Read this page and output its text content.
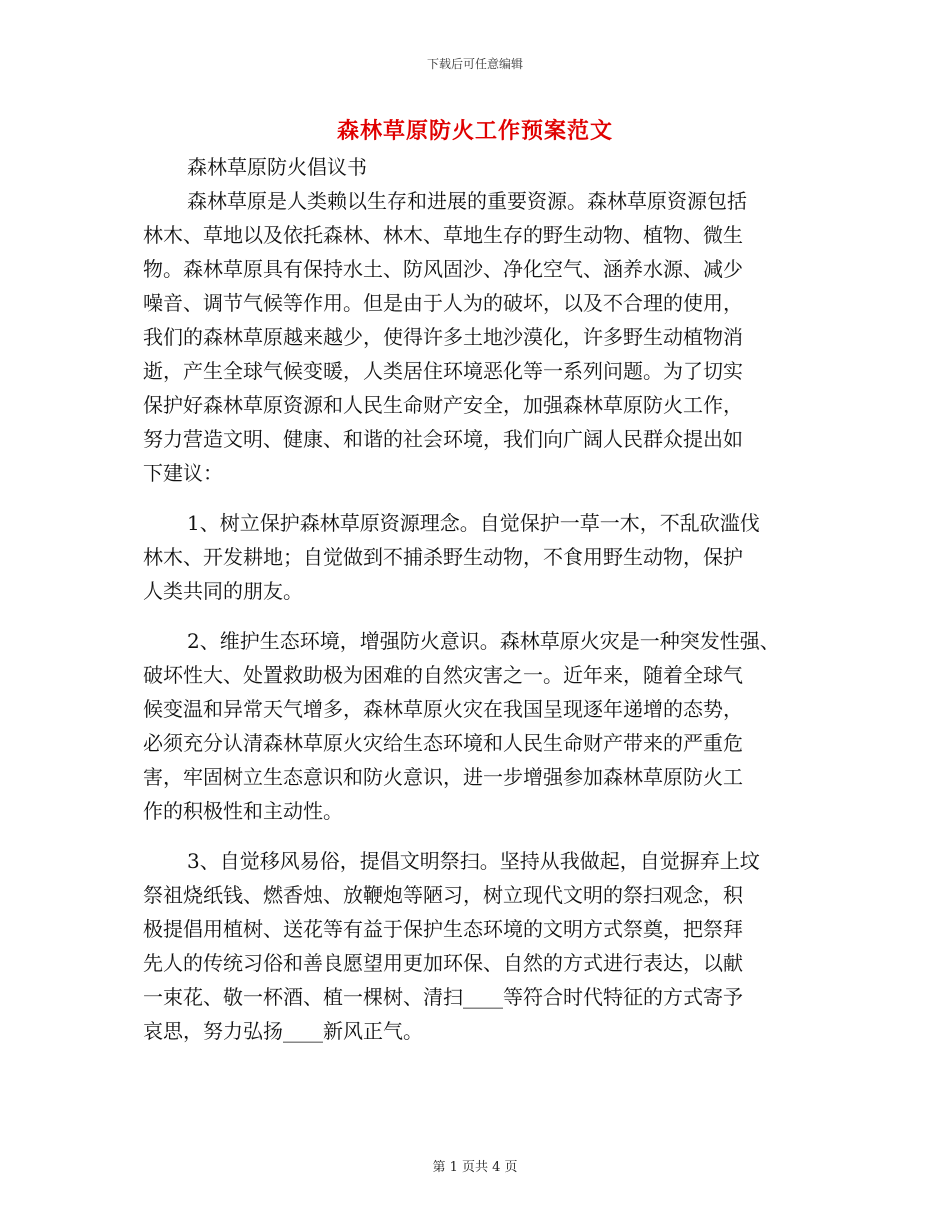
下载后可任意编辑
森林草原防火工作预案范文
森林草原防火倡议书
森林草原是人类赖以生存和进展的重要资源。森林草原资源包括
林木、草地以及依托森林、林木、草地生存的野生动物、植物、微生
物。森林草原具有保持水土、防风固沙、净化空气、涵养水源、减少
噪音、调节气候等作用。但是由于人为的破坏，以及不合理的使用，
我们的森林草原越来越少，使得许多土地沙漠化，许多野生动植物消
逝，产生全球气候变暖，人类居住环境恶化等一系列问题。为了切实
保护好森林草原资源和人民生命财产安全，加强森林草原防火工作，
努力营造文明、健康、和谐的社会环境，我们向广阔人民群众提出如
下建议：
1、树立保护森林草原资源理念。自觉保护一草一木，不乱砍滥伐
林木、开发耕地；自觉做到不捕杀野生动物，不食用野生动物，保护
人类共同的朋友。
2、维护生态环境，增强防火意识。森林草原火灾是一种突发性强、
破坏性大、处置救助极为困难的自然灾害之一。近年来，随着全球气
候变温和异常天气增多，森林草原火灾在我国呈现逐年递增的态势，
必须充分认清森林草原火灾给生态环境和人民生命财产带来的严重危
害，牢固树立生态意识和防火意识，进一步增强参加森林草原防火工
作的积极性和主动性。
3、自觉移风易俗，提倡文明祭扫。坚持从我做起，自觉摒弃上坟
祭祖烧纸钱、燃香烛、放鞭炮等陋习，树立现代文明的祭扫观念，积
极提倡用植树、送花等有益于保护生态环境的文明方式祭奠，把祭拜
先人的传统习俗和善良愿望用更加环保、自然的方式进行表达，以献
一束花、敬一杯酒、植一棵树、清扫____等符合时代特征的方式寄予
哀思，努力弘扬____新风正气。
第 1 页共 4 页
